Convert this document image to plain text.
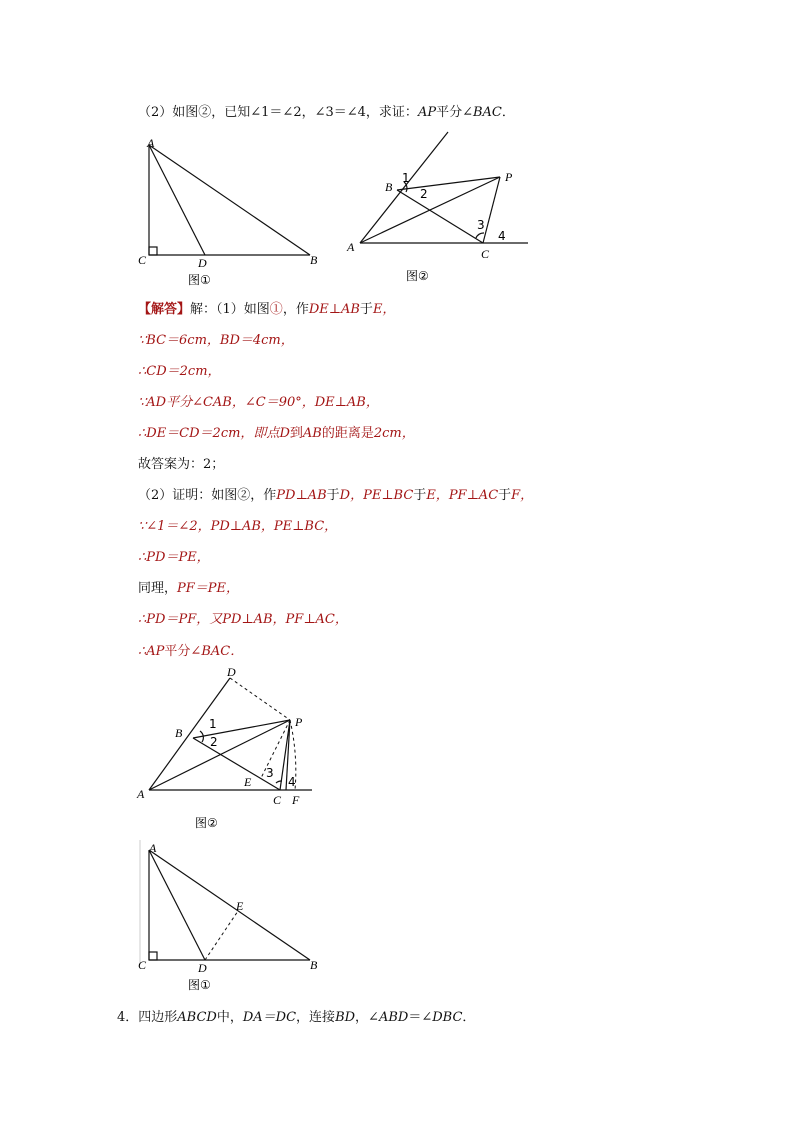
（2）如图②，已知∠1＝∠2，∠3＝∠4，求证：AP平分∠BAC．
A
C	D	B
图①
B
A
P
C
1
2
3
4
图②
【解答】解：（1）如图①，作DE⊥AB于E，
∵BC＝6cm，BD＝4cm，
∴CD＝2cm，
∵AD平分∠CAB，∠C＝90°，DE⊥AB，
∴DE＝CD＝2cm，即点D到AB的距离是2cm，
故答案为：2；
（2）证明：如图②，作PD⊥AB于D，PE⊥BC于E，PF⊥AC于F，
∵∠1＝∠2，PD⊥AB，PE⊥BC，
∴PD＝PE，
同理，PF＝PE，
∴PD＝PF，又PD⊥AB，PF⊥AC，
∴AP平分∠BAC．
D
B
P
A
E
C F
1
2
3
4
图②
A
E
C	D	B
图①
4．四边形ABCD中，DA＝DC，连接BD，∠ABD＝∠DBC．
